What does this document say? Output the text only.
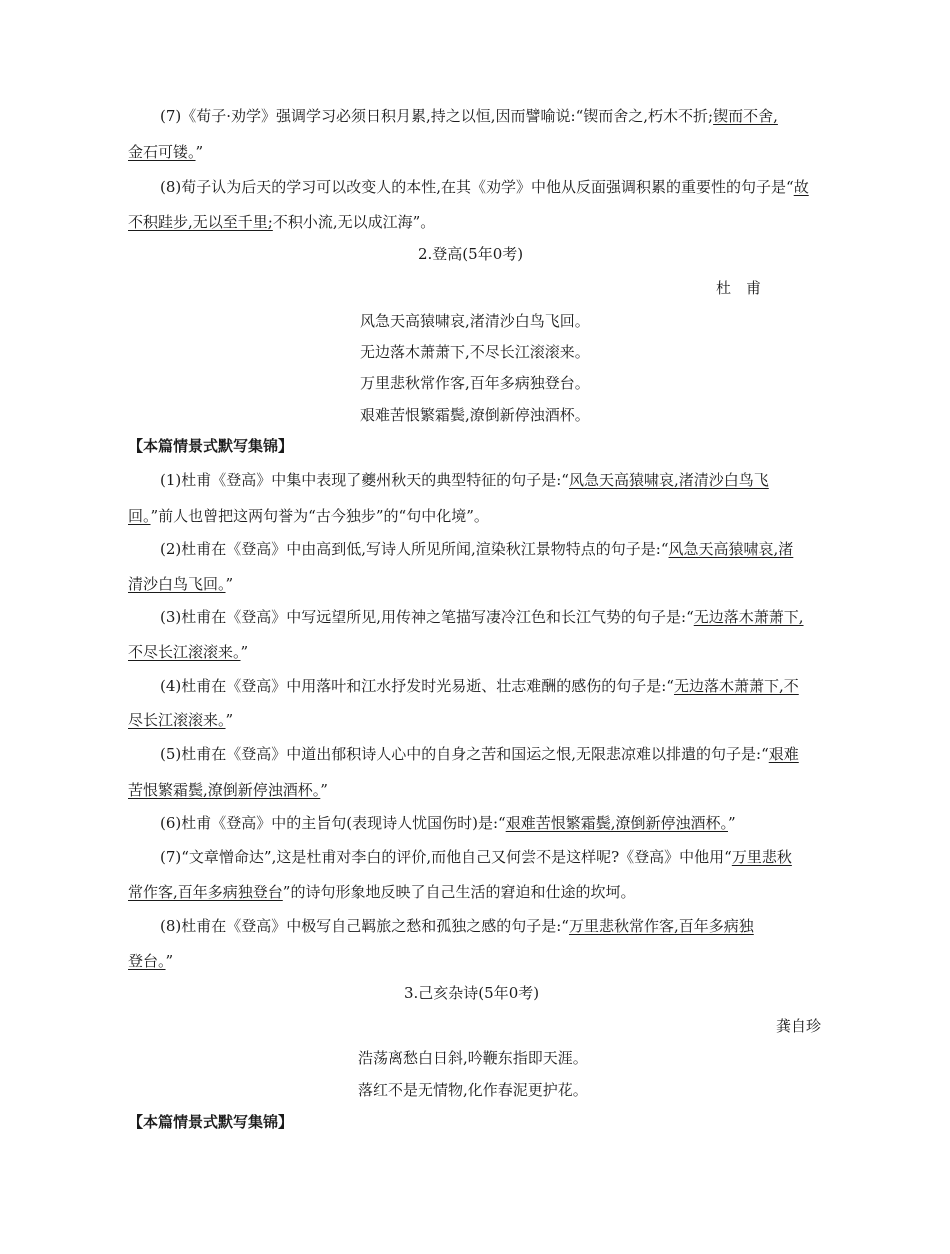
(7)《荀子·劝学》强调学习必须日积月累,持之以恒,因而譬喻说:“锲而舍之,朽木不折;锲而不舍,
金石可镂。”
(8)荀子认为后天的学习可以改变人的本性,在其《劝学》中他从反面强调积累的重要性的句子是“故
不积跬步,无以至千里;不积小流,无以成江海”。
2.登高(5年0考)
杜　甫
风急天高猿啸哀,渚清沙白鸟飞回。
无边落木萧萧下,不尽长江滚滚来。
万里悲秋常作客,百年多病独登台。
艰难苦恨繁霜鬓,潦倒新停浊酒杯。
【本篇情景式默写集锦】
(1)杜甫《登高》中集中表现了夔州秋天的典型特征的句子是:“风急天高猿啸哀,渚清沙白鸟飞
回。”前人也曾把这两句誉为“古今独步”的“句中化境”。
(2)杜甫在《登高》中由高到低,写诗人所见所闻,渲染秋江景物特点的句子是:“风急天高猿啸哀,渚
清沙白鸟飞回。”
(3)杜甫在《登高》中写远望所见,用传神之笔描写凄冷江色和长江气势的句子是:“无边落木萧萧下,
不尽长江滚滚来。”
(4)杜甫在《登高》中用落叶和江水抒发时光易逝、壮志难酬的感伤的句子是:“无边落木萧萧下,不
尽长江滚滚来。”
(5)杜甫在《登高》中道出郁积诗人心中的自身之苦和国运之恨,无限悲凉难以排遣的句子是:“艰难
苦恨繁霜鬓,潦倒新停浊酒杯。”
(6)杜甫《登高》中的主旨句(表现诗人忧国伤时)是:“艰难苦恨繁霜鬓,潦倒新停浊酒杯。”
(7)“文章憎命达”,这是杜甫对李白的评价,而他自己又何尝不是这样呢?《登高》中他用“万里悲秋
常作客,百年多病独登台”的诗句形象地反映了自己生活的窘迫和仕途的坎坷。
(8)杜甫在《登高》中极写自己羁旅之愁和孤独之感的句子是:“万里悲秋常作客,百年多病独
登台。”
3.己亥杂诗(5年0考)
龚自珍
浩荡离愁白日斜,吟鞭东指即天涯。
落红不是无情物,化作春泥更护花。
【本篇情景式默写集锦】
